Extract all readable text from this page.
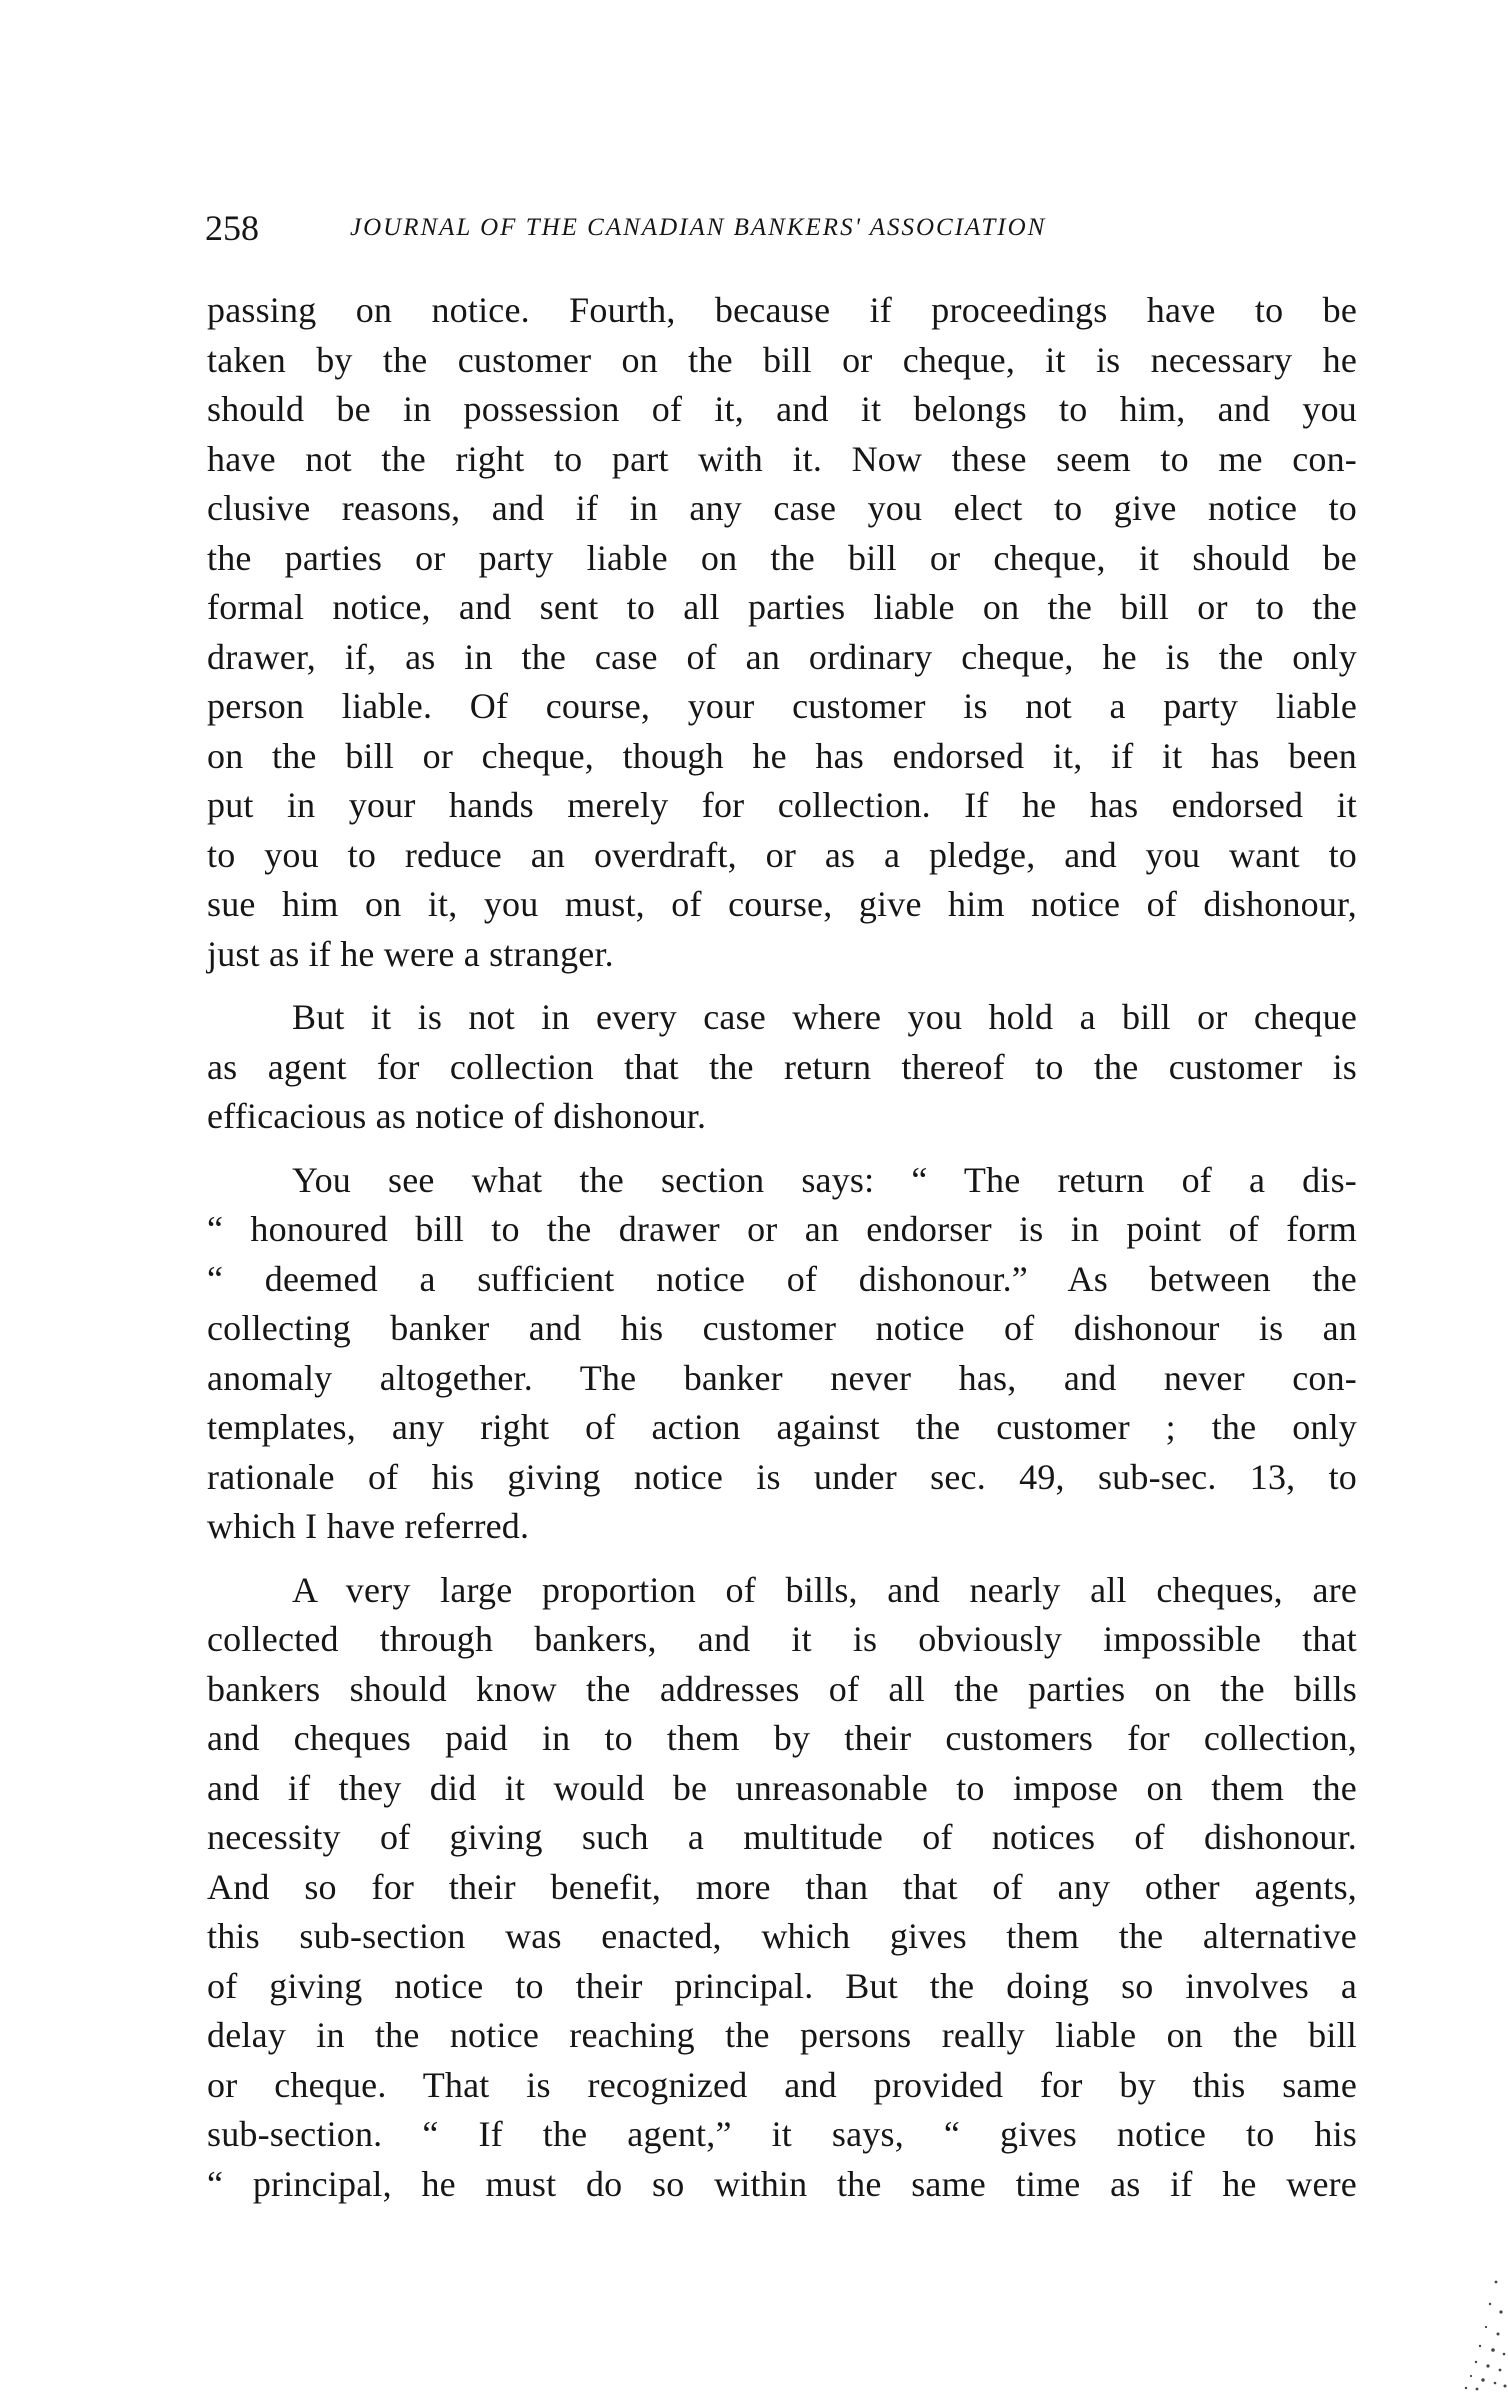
258	JOURNAL OF THE CANADIAN BANKERS' ASSOCIATION
passing on notice. Fourth, because if proceedings have to be
taken by the customer on the bill or cheque, it is necessary he
should be in possession of it, and it belongs to him, and you
have not the right to part with it. Now these seem to me con-
clusive reasons, and if in any case you elect to give notice to
the parties or party liable on the bill or cheque, it should be
formal notice, and sent to all parties liable on the bill or to the
drawer, if, as in the case of an ordinary cheque, he is the only
person liable. Of course, your customer is not a party liable
on the bill or cheque, though he has endorsed it, if it has been
put in your hands merely for collection. If he has endorsed it
to you to reduce an overdraft, or as a pledge, and you want to
sue him on it, you must, of course, give him notice of dishonour,
just as if he were a stranger.
But it is not in every case where you hold a bill or cheque
as agent for collection that the return thereof to the customer is
efficacious as notice of dishonour.
You see what the section says: “ The return of a dis-
“ honoured bill to the drawer or an endorser is in point of form
“ deemed a sufficient notice of dishonour.” As between the
collecting banker and his customer notice of dishonour is an
anomaly altogether. The banker never has, and never con-
templates, any right of action against the customer ; the only
rationale of his giving notice is under sec. 49, sub-sec. 13, to
which I have referred.
A very large proportion of bills, and nearly all cheques, are
collected through bankers, and it is obviously impossible that
bankers should know the addresses of all the parties on the bills
and cheques paid in to them by their customers for collection,
and if they did it would be unreasonable to impose on them the
necessity of giving such a multitude of notices of dishonour.
And so for their benefit, more than that of any other agents,
this sub-section was enacted, which gives them the alternative
of giving notice to their principal. But the doing so involves a
delay in the notice reaching the persons really liable on the bill
or cheque. That is recognized and provided for by this same
sub-section. “ If the agent,” it says, “ gives notice to his
“ principal, he must do so within the same time as if he were
